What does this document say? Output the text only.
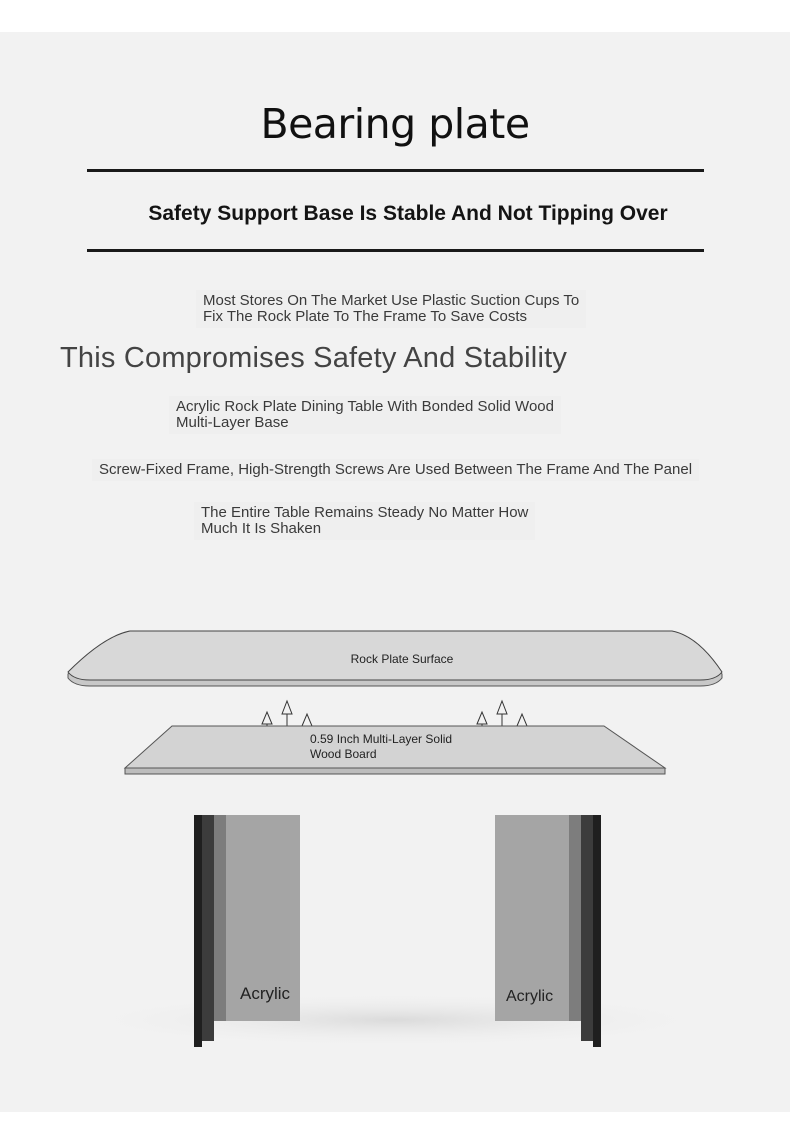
Bearing plate
Safety Support Base Is Stable And Not Tipping Over
Most Stores On The Market Use Plastic Suction Cups To
Fix The Rock Plate To The Frame To Save Costs
This Compromises Safety And Stability
Acrylic Rock Plate Dining Table With Bonded Solid Wood
Multi-Layer Base
Screw-Fixed Frame, High-Strength Screws Are Used Between The Frame And The Panel
The Entire Table Remains Steady No Matter How
Much It Is Shaken
Rock Plate Surface
0.59 Inch Multi-Layer Solid
Wood Board
Acrylic	Acrylic
